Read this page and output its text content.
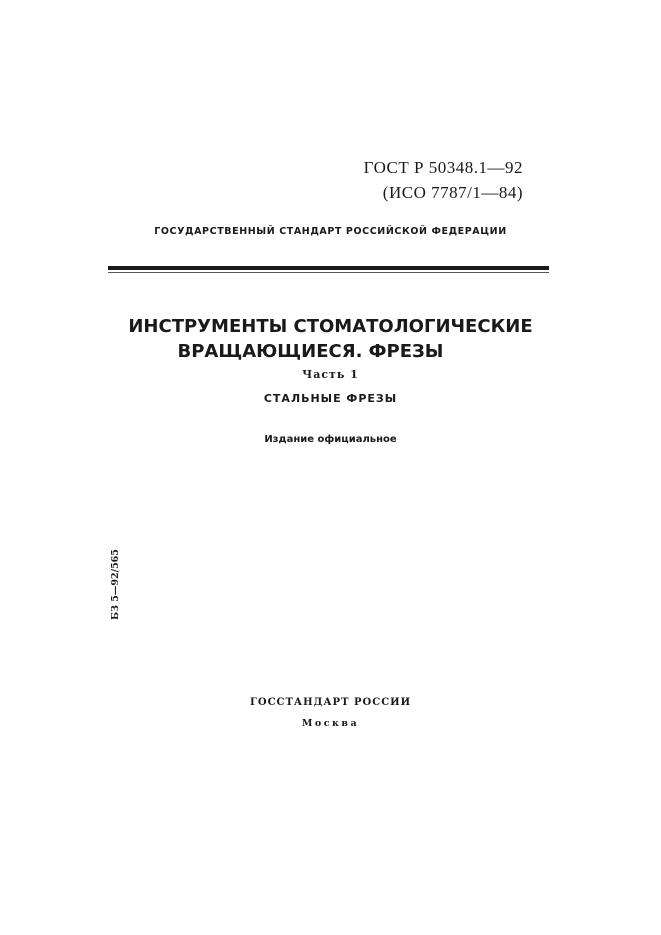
ГОСТ Р 50348.1—92
(ИСО 7787/1—84)
ГОСУДАРСТВЕННЫЙ СТАНДАРТ РОССИЙСКОЙ ФЕДЕРАЦИИ
ИНСТРУМЕНТЫ СТОМАТОЛОГИЧЕСКИЕ
ВРАЩАЮЩИЕСЯ. ФРЕЗЫ
Часть 1
СТАЛЬНЫЕ ФРЕЗЫ
Издание официальное
БЗ 5—92/565
ГОССТАНДАРТ РОССИИ
Москва
